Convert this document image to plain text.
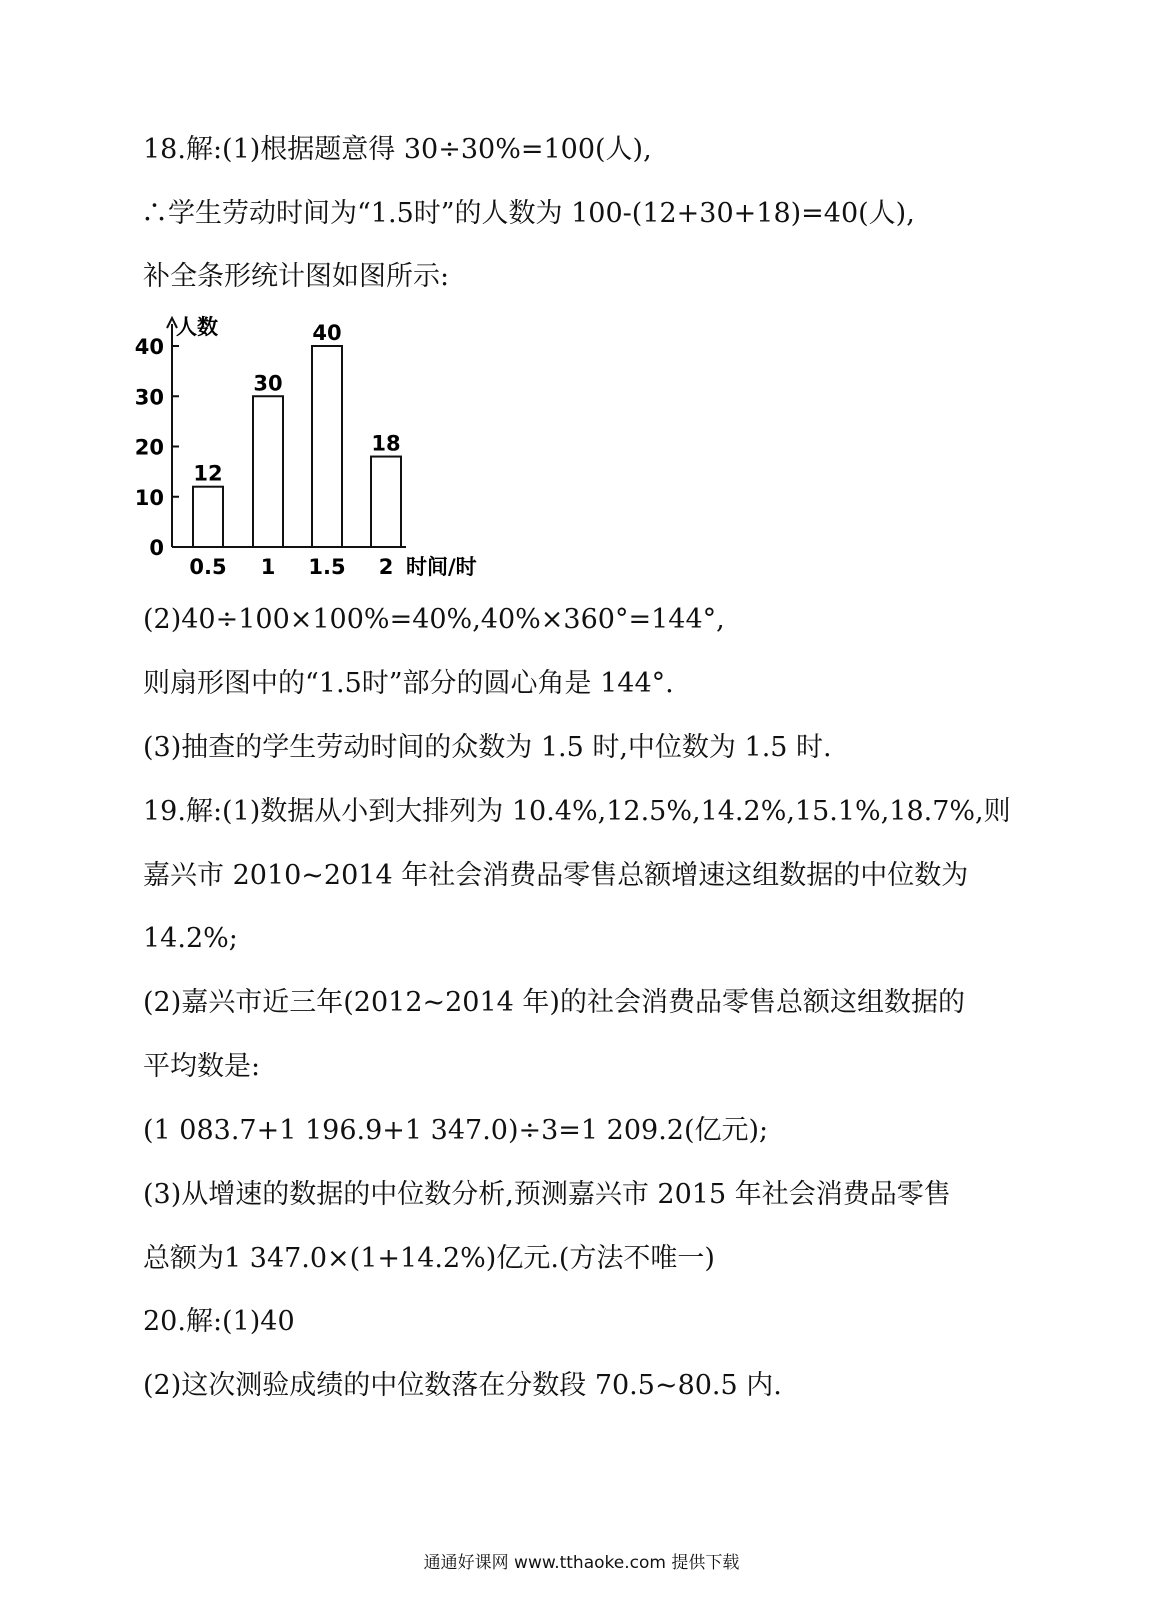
18.解:(1)根据题意得 30÷30%=100(人),
∴学生劳动时间为“1.5时”的人数为 100-(12+30+18)=40(人),
补全条形统计图如图所示:
0
10
20
30
40
12
30
40
18
0.5 1 1.5 2
人数
时间/时
(2)40÷100×100%=40%,40%×360°=144°,
则扇形图中的“1.5时”部分的圆心角是 144°.
(3)抽查的学生劳动时间的众数为 1.5 时,中位数为 1.5 时.
19.解:(1)数据从小到大排列为 10.4%,12.5%,14.2%,15.1%,18.7%,则
嘉兴市 2010~2014 年社会消费品零售总额增速这组数据的中位数为
14.2%;
(2)嘉兴市近三年(2012~2014 年)的社会消费品零售总额这组数据的
平均数是:
(1 083.7+1 196.9+1 347.0)÷3=1 209.2(亿元);
(3)从增速的数据的中位数分析,预测嘉兴市 2015 年社会消费品零售
总额为1 347.0×(1+14.2%)亿元.(方法不唯一)
20.解:(1)40
(2)这次测验成绩的中位数落在分数段 70.5~80.5 内.
通通好课网 www.tthaoke.com 提供下载
